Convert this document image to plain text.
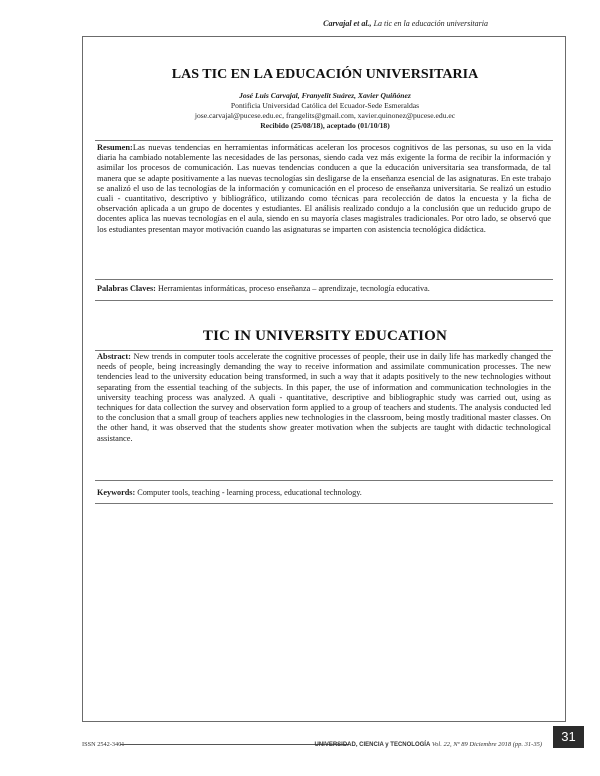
Carvajal et al., La tic en la educación universitaria
LAS TIC EN LA EDUCACIÓN UNIVERSITARIA
José Luis Carvajal, Franyelit Suárez, Xavier Quiñónez
Pontificia Universidad Católica del Ecuador-Sede Esmeraldas
jose.carvajal@pucese.edu.ec, frangelits@gmail.com, xavier.quinonez@pucese.edu.ec
Recibido (25/08/18), aceptado (01/10/18)
Resumen:Las nuevas tendencias en herramientas informáticas aceleran los procesos cognitivos de las personas, su uso en la vida diaria ha cambiado notablemente las necesidades de las personas, siendo cada vez más exigente la forma de recibir la información y asimilar los procesos de comunicación. Las nuevas tendencias conducen a que la educación universitaria sea transformada, de tal manera que se adapte positivamente a las nuevas tecnologías sin desligarse de la enseñanza esencial de las asignaturas. En este trabajo se analizó el uso de las tecnologías de la información y comunicación en el proceso de enseñanza universitaria. Se realizó un estudio cuali - cuantitativo, descriptivo y bibliográfico, utilizando como técnicas para recolección de datos la encuesta y la ficha de observación aplicada a un grupo de docentes y estudiantes. El análisis realizado condujo a la conclusión que un reducido grupo de docentes aplica las nuevas tecnologías en el aula, siendo en su mayoría clases magistrales tradicionales. Por otro lado, se observó que los estudiantes presentan mayor motivación cuando las asignaturas se imparten con asistencia tecnológica didáctica.
Palabras Claves: Herramientas informáticas, proceso enseñanza – aprendizaje, tecnología educativa.
TIC IN UNIVERSITY EDUCATION
Abstract: New trends in computer tools accelerate the cognitive processes of people, their use in daily life has markedly changed the needs of people, being increasingly demanding the way to receive information and assimilate communication processes. The new tendencies lead to the university education being transformed, in such a way that it adapts positively to the new technologies without separating from the essential teaching of the subjects. In this paper, the use of information and communication technologies in the university teaching process was analyzed. A quali - quantitative, descriptive and bibliographic study was carried out, using as techniques for data collection the survey and observation form applied to a group of teachers and students. The analysis conducted led to the conclusion that a small group of teachers applies new technologies in the classroom, being mostly traditional master classes. On the other hand, it was observed that the students show greater motivation when the subjects are taught with didactic technological assistance.
Keywords: Computer tools, teaching - learning process, educational technology.
ISSN 2542-3401	UNIVERSIDAD, CIENCIA y TECNOLOGÍA Vol. 22, Nº 89 Diciembre 2018 (pp. 31-35)
31
